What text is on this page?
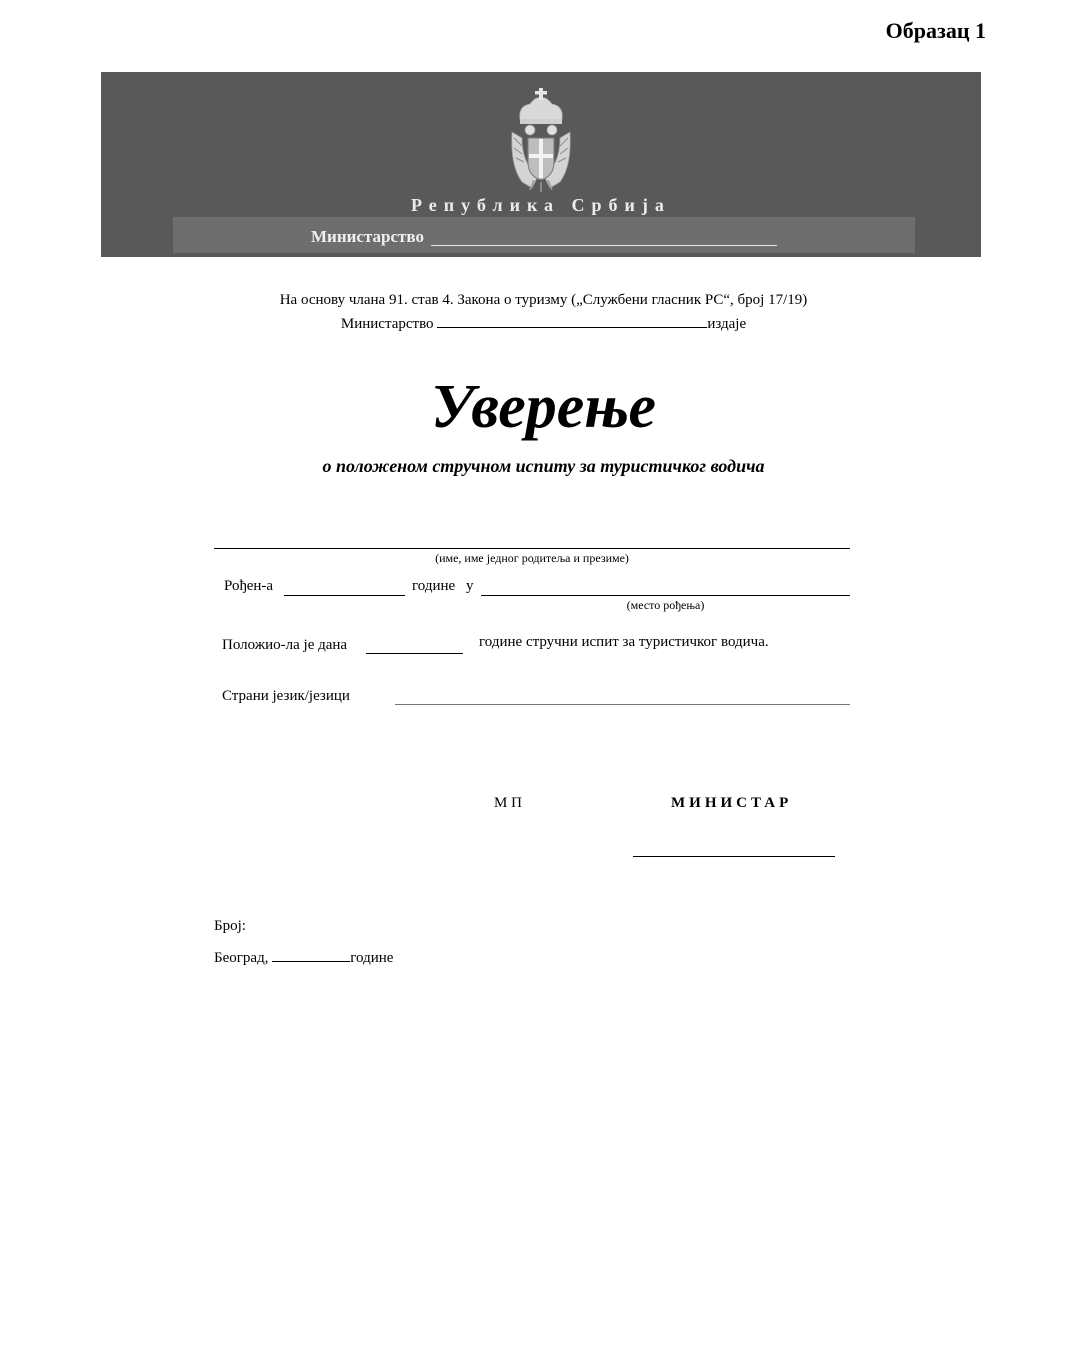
Образац 1
Република Србија
Министарство
На основу члана 91. став 4. Закона о туризму („Службени гласник РС“, број 17/19)
Министарство	издаје
Уверење
о положеном стручном испиту за туристичког водича
(име, име једног родитеља и презиме)
Рођен-а	године у
(место рођења)
Положио-ла је дана	године стручни испит за туристичког водича.
Страни језик/језици
М П	МИНИСТАР
Број:
Београд,	године
